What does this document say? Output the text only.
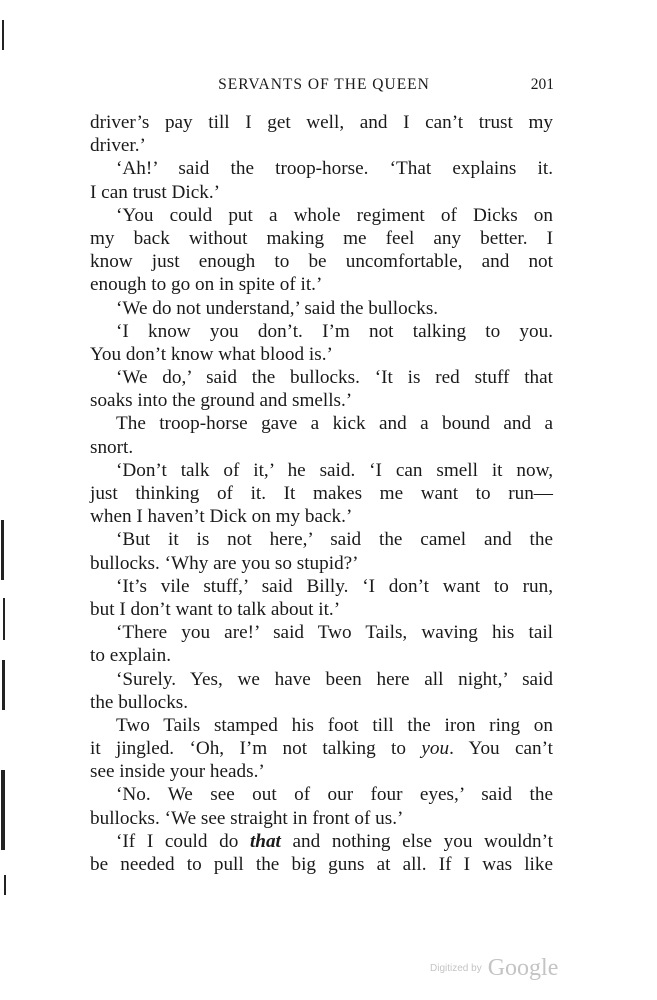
SERVANTS OF THE QUEEN	201
driver’s pay till I get well, and I can’t trust my
driver.’
‘Ah!’ said the troop-horse. ‘That explains it.
I can trust Dick.’
‘You could put a whole regiment of Dicks on
my back without making me feel any better. I
know just enough to be uncomfortable, and not
enough to go on in spite of it.’
‘We do not understand,’ said the bullocks.
‘I know you don’t. I’m not talking to you.
You don’t know what blood is.’
‘We do,’ said the bullocks. ‘It is red stuff that
soaks into the ground and smells.’
The troop-horse gave a kick and a bound and a
snort.
‘Don’t talk of it,’ he said. ‘I can smell it now,
just thinking of it. It makes me want to run—
when I haven’t Dick on my back.’
‘But it is not here,’ said the camel and the
bullocks. ‘Why are you so stupid?’
‘It’s vile stuff,’ said Billy. ‘I don’t want to run,
but I don’t want to talk about it.’
‘There you are!’ said Two Tails, waving his tail
to explain.
‘Surely. Yes, we have been here all night,’ said
the bullocks.
Two Tails stamped his foot till the iron ring on
it jingled. ‘Oh, I’m not talking to you. You can’t
see inside your heads.’
‘No. We see out of our four eyes,’ said the
bullocks. ‘We see straight in front of us.’
‘If I could do that and nothing else you wouldn’t
be needed to pull the big guns at all. If I was like
$^{Digitized by}$ Google
